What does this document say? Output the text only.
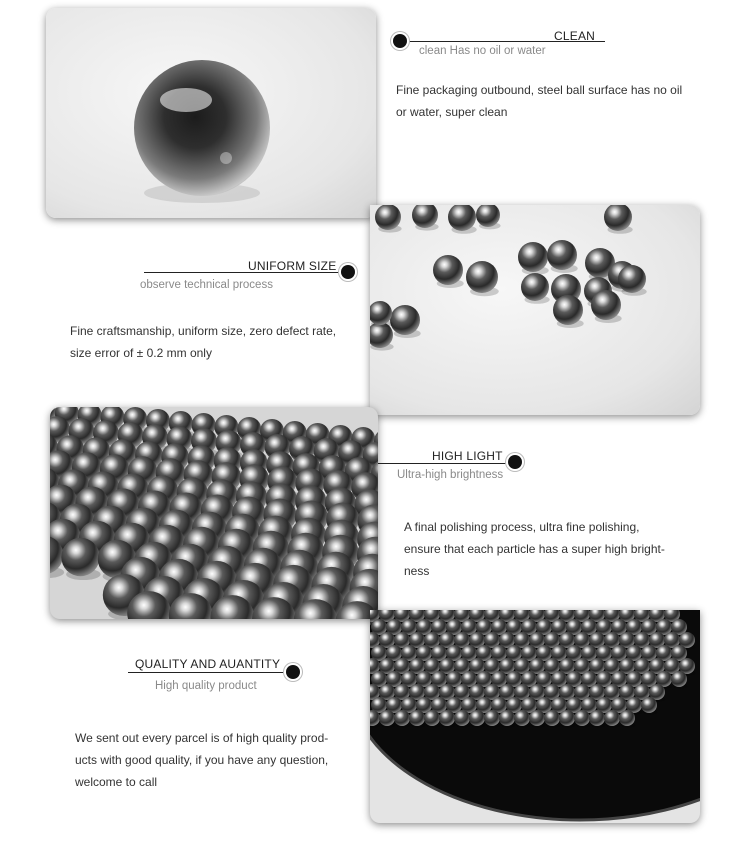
CLEAN
clean Has no oil or water
Fine packaging outbound, steel ball surface has no oil or water, super clean
UNIFORM SIZE
observe technical process
Fine craftsmanship, uniform size, zero defect rate, size error of ± 0.2 mm only
HIGH LIGHT
Ultra-high brightness
A final polishing process, ultra fine polishing, ensure that each particle has a super high bright-ness
QUALITY AND AUANTITY
High quality product
We sent out every parcel is of high quality prod-ucts with good quality, if you have any question, welcome to call
